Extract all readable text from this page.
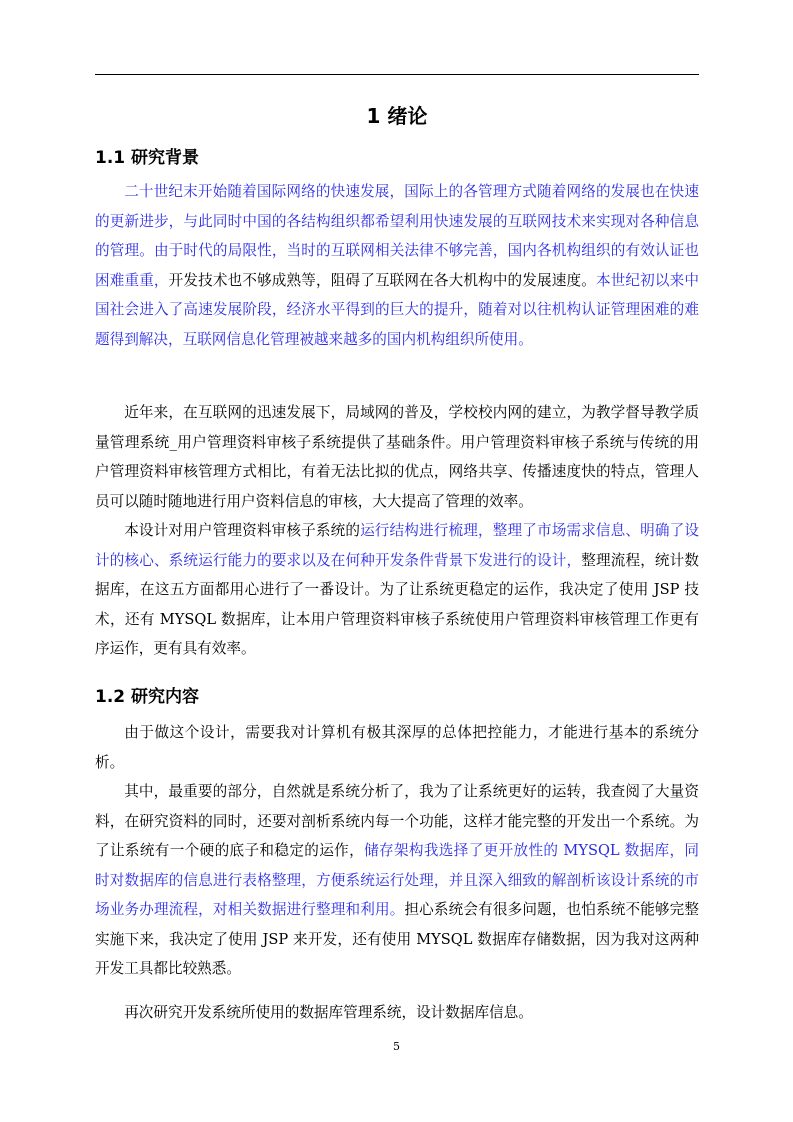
1 绪论
1.1 研究背景

二十世纪末开始随着国际网络的快速发展，国际上的各管理方式随着网络的发展也在快速的更新进步，与此同时中国的各结构组织都希望利用快速发展的互联网技术来实现对各种信息的管理。由于时代的局限性，当时的互联网相关法律不够完善，国内各机构组织的有效认证也困难重重，开发技术也不够成熟等，阻碍了互联网在各大机构中的发展速度。本世纪初以来中国社会进入了高速发展阶段，经济水平得到的巨大的提升，随着对以往机构认证管理困难的难题得到解决，互联网信息化管理被越来越多的国内机构组织所使用。

近年来，在互联网的迅速发展下，局域网的普及，学校校内网的建立，为教学督导教学质量管理系统_用户管理资料审核子系统提供了基础条件。用户管理资料审核子系统与传统的用户管理资料审核管理方式相比，有着无法比拟的优点，网络共享、传播速度快的特点，管理人员可以随时随地进行用户资料信息的审核，大大提高了管理的效率。

本设计对用户管理资料审核子系统的运行结构进行梳理，整理了市场需求信息、明确了设计的核心、系统运行能力的要求以及在何种开发条件背景下发进行的设计，整理流程，统计数据库，在这五方面都用心进行了一番设计。为了让系统更稳定的运作，我决定了使用 JSP 技术，还有 MYSQL 数据库，让本用户管理资料审核子系统使用户管理资料审核管理工作更有序运作，更有具有效率。

1.2 研究内容

由于做这个设计，需要我对计算机有极其深厚的总体把控能力，才能进行基本的系统分析。

其中，最重要的部分，自然就是系统分析了，我为了让系统更好的运转，我查阅了大量资料，在研究资料的同时，还要对剖析系统内每一个功能，这样才能完整的开发出一个系统。为了让系统有一个硬的底子和稳定的运作，储存架构我选择了更开放性的 MYSQL 数据库，同时对数据库的信息进行表格整理，方便系统运行处理，并且深入细致的解剖析该设计系统的市场业务办理流程，对相关数据进行整理和利用。担心系统会有很多问题，也怕系统不能够完整实施下来，我决定了使用 JSP 来开发，还有使用 MYSQL 数据库存储数据，因为我对这两种开发工具都比较熟悉。

再次研究开发系统所使用的数据库管理系统，设计数据库信息。

5
